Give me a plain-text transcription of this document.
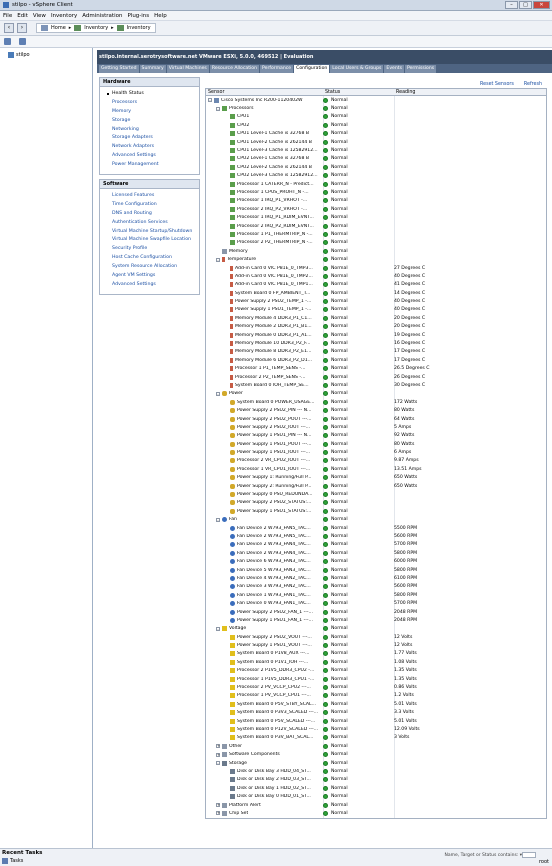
stilpo - vSphere Client	–	□	✕
File Edit View Inventory Administration Plug-ins Help
‹	›	Home ▸	Inventory ▸	Inventory
stilpo	stilpo.internal.serotrysoftware.net VMware ESXi, 5.0.0, 469512 | Evaluation
Getting Started	Summary	Virtual Machines	Resource Allocation	Performance	Configuration	Local Users & Groups	Events	Permissions
Hardware
Health Status
Processors
Memory
Storage
Networking
Storage Adapters
Network Adapters
Advanced Settings
Power Management
Software
Licensed Features
Time Configuration
DNS and Routing
Authentication Services
Virtual Machine Startup/Shutdown
Virtual Machine Swapfile Location
Security Profile
Host Cache Configuration
System Resource Allocation
Agent VM Settings
Advanced Settings
Reset Sensors Refresh
Sensor	Status	Reading
- Cisco Systems Inc R200-1120402W	Normal
- Processors	Normal
CPU1	Normal
CPU2	Normal
CPU1 Level-1 Cache is 32768 B	Normal
CPU1 Level-2 Cache is 262144 B	Normal
CPU1 Level-3 Cache is 12582912...	Normal
CPU2 Level-1 Cache is 32768 B	Normal
CPU2 Level-2 Cache is 262144 B	Normal
CPU2 Level-3 Cache is 12582912...	Normal
Processor 1 CATERR_N - Predict...	Normal
Processor 1 CPUS_PROHT_N -...	Normal
Processor 1 IRQ_P1_VRHOT -...	Normal
Processor 2 IRQ_P2_VRHOT -...	Normal
Processor 1 IRQ_P1_RDIM_EVNT...	Normal
Processor 2 IRQ_P2_RDIM_EVNT...	Normal
Processor 1 P1_THERMTRIP_N -...	Normal
Processor 2 P2_THERMTRIP_N -...	Normal
Memory	Normal
- Temperature	Normal
Add-in Card 0 VIC P81E_0_TMP3...	Normal	27 Degrees C
Add-in Card 0 VIC P81E_0_TMP2...	Normal	40 Degrees C
Add-in Card 0 VIC P81E_0_TMP1...	Normal	41 Degrees C
System Board 0 FP_AMBIENT_T...	Normal	14 Degrees C
Power Supply 2 PSU2_TEMP_1 -...	Normal	40 Degrees C
Power Supply 1 PSU1_TEMP_1 -...	Normal	40 Degrees C
Memory Module 4 DDR3_P1_C1...	Normal	20 Degrees C
Memory Module 2 DDR3_P1_B1...	Normal	20 Degrees C
Memory Module 0 DDR3_P1_A1...	Normal	19 Degrees C
Memory Module 10 DDR3_P2_F...	Normal	16 Degrees C
Memory Module 8 DDR3_P2_E1...	Normal	17 Degrees C
Memory Module 6 DDR3_P2_D1...	Normal	17 Degrees C
Processor 1 P1_TEMP_SENS -...	Normal	26.5 Degrees C
Processor 2 P2_TEMP_SENS -...	Normal	26 Degrees C
System Board 0 IOH_TEMP_SE...	Normal	30 Degrees C
- Power	Normal
System Board 0 POWER_USAGE...	Normal	172 Watts
Power Supply 2 PSU2_PIN --- N...	Normal	80 Watts
Power Supply 2 PSU2_POUT ---...	Normal	64 Watts
Power Supply 2 PSU2_IOUT ---...	Normal	5 Amps
Power Supply 1 PSU1_PIN --- N...	Normal	92 Watts
Power Supply 1 PSU1_POUT ---...	Normal	80 Watts
Power Supply 1 PSU1_IOUT ---...	Normal	6 Amps
Processor 2 VR_CPU2_IOUT ---...	Normal	9.87 Amps
Processor 1 VR_CPU1_IOUT ---...	Normal	13.51 Amps
Power Supply 1: Running/Full P...	Normal	650 Watts
Power Supply 2: Running/Full P...	Normal	650 Watts
Power Supply 0 PSU_REDUNDA...	Normal
Power Supply 2 PSU2_STATUS:...	Normal
Power Supply 1 PSU1_STATUS:...	Normal
- Fan	Normal
Fan Device 2 W793_FAN5_TAC...	Normal	5500 RPM
Fan Device 2 W793_FAN5_TAC...	Normal	5600 RPM
Fan Device 2 W793_FAN4_TAC...	Normal	5700 RPM
Fan Device 2 W793_FAN4_TAC...	Normal	5800 RPM
Fan Device 6 W793_FAN3_TAC...	Normal	6000 RPM
Fan Device 5 W793_FAN3_TAC...	Normal	5800 RPM
Fan Device 4 W793_FAN2_TAC...	Normal	6100 RPM
Fan Device 3 W793_FAN2_TAC...	Normal	5600 RPM
Fan Device 1 W793_FAN1_TAC...	Normal	5800 RPM
Fan Device 0 W793_FAN1_TAC...	Normal	5700 RPM
Power Supply 2 PSU2_FAN_1 ---...	Normal	2048 RPM
Power Supply 1 PSU1_FAN_1 ---...	Normal	2048 RPM
- Voltage	Normal
Power Supply 2 PSU2_VOUT ---...	Normal	12 Volts
Power Supply 1 PSU1_VOUT ---...	Normal	12 Volts
System Board 0 P1V8_AUX ---...	Normal	1.77 Volts
System Board 0 P1V1_IOH ---...	Normal	1.08 Volts
Processor 2 P1V5_DDR3_CPU2 -...	Normal	1.35 Volts
Processor 1 P1V5_DDR3_CPU1 -...	Normal	1.35 Volts
Processor 2 PV_VCCP_CPU2 ---...	Normal	0.86 Volts
Processor 1 PV_VCCP_CPU1 ---...	Normal	1.2 Volts
System Board 0 P5V_STBY_SCAL...	Normal	5.01 Volts
System Board 0 P3V3_SCALED ---...	Normal	3.3 Volts
System Board 0 P5V_SCALED ---...	Normal	5.01 Volts
System Board 0 P12V_SCALED ---...	Normal	12.09 Volts
System Board 0 P3V_BAT_SCAL...	Normal	3 Volts
+ Other	Normal
+ Software Components	Normal
- Storage	Normal
Disk or Disk Bay 3 HDD_04_ST...	Normal
Disk or Disk Bay 2 HDD_03_ST...	Normal
Disk or Disk Bay 1 HDD_02_ST...	Normal
Disk or Disk Bay 0 HDD_01_ST...	Normal
+ Platform Alert	Normal
+ Chip Set	Normal
Recent Tasks
Tasks
Name, Target or Status contains: ▾
root
